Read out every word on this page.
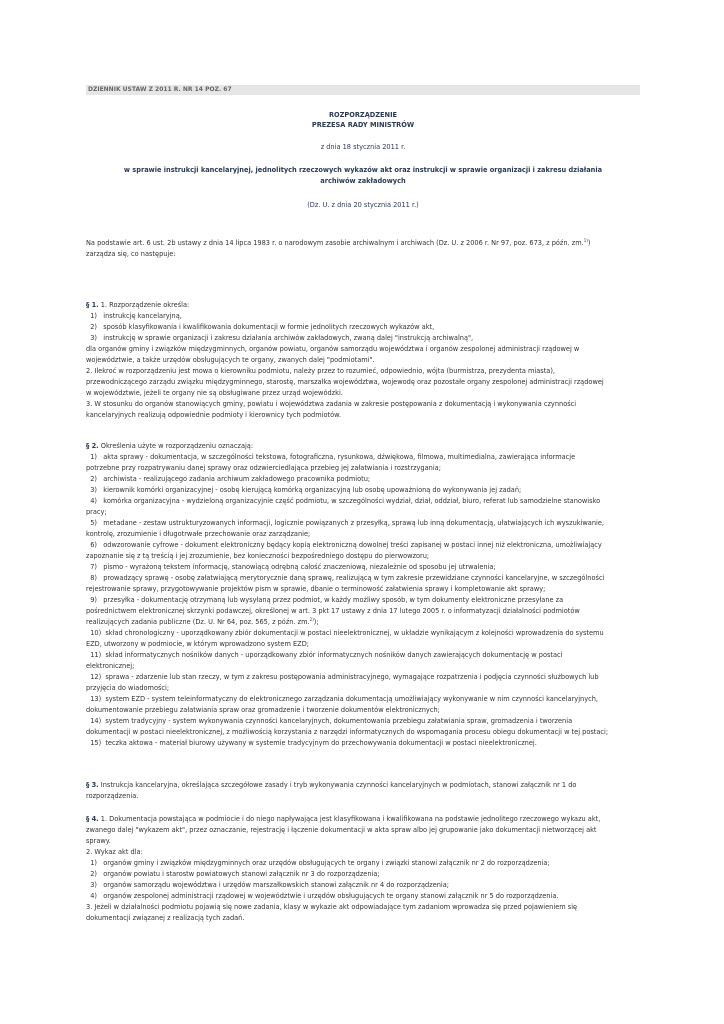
DZIENNIK USTAW Z 2011 R. NR 14 POZ. 67
ROZPORZĄDZENIE
PREZESA RADY MINISTRÓW
z dnia 18 stycznia 2011 r.
w sprawie instrukcji kancelaryjnej, jednolitych rzeczowych wykazów akt oraz instrukcji w sprawie organizacji i zakresu działania
archiwów zakładowych
(Dz. U. z dnia 20 stycznia 2011 r.)

Na podstawie art. 6 ust. 2b ustawy z dnia 14 lipca 1983 r. o narodowym zasobie archiwalnym i archiwach (Dz. U. z 2006 r. Nr 97, poz. 673, z późn. zm.$^{1)}$)

zarządza się, co następuje:

§ 1. 1. Rozporządzenie określa:

1)   instrukcję kancelaryjną,

2)   sposób klasyfikowania i kwalifikowania dokumentacji w formie jednolitych rzeczowych wykazów akt,

3)   instrukcję w sprawie organizacji i zakresu działania archiwów zakładowych, zwaną dalej "instrukcją archiwalną",

dla organów gminy i związków międzygminnych, organów powiatu, organów samorządu województwa i organów zespolonej administracji rządowej w

województwie, a także urzędów obsługujących te organy, zwanych dalej "podmiotami".

2. Ilekroć w rozporządzeniu jest mowa o kierowniku podmiotu, należy przez to rozumieć, odpowiednio, wójta (burmistrza, prezydenta miasta),

przewodniczącego zarządu związku międzygminnego, starostę, marszałka województwa, wojewodę oraz pozostałe organy zespolonej administracji rządowej

w województwie, jeżeli te organy nie są obsługiwane przez urząd wojewódzki.

3. W stosunku do organów stanowiących gminy, powiatu i województwa zadania w zakresie postępowania z dokumentacją i wykonywania czynności

kancelaryjnych realizują odpowiednie podmioty i kierownicy tych podmiotów.

§ 2. Określenia użyte w rozporządzeniu oznaczają:

1)   akta sprawy - dokumentacja, w szczególności tekstowa, fotograficzna, rysunkowa, dźwiękowa, filmowa, multimedialna, zawierająca informacje

potrzebne przy rozpatrywaniu danej sprawy oraz odzwierciedlająca przebieg jej załatwiania i rozstrzygania;

2)   archiwista - realizującego zadania archiwum zakładowego pracownika podmiotu;

3)   kierownik komórki organizacyjnej - osobę kierującą komórką organizacyjną lub osobę upoważnioną do wykonywania jej zadań;

4)   komórka organizacyjna - wydzieloną organizacyjnie część podmiotu, w szczególności wydział, dział, oddział, biuro, referat lub samodzielne stanowisko

pracy;

5)   metadane - zestaw ustrukturyzowanych informacji, logicznie powiązanych z przesyłką, sprawą lub inną dokumentacją, ułatwiających ich wyszukiwanie,

kontrolę, zrozumienie i długotrwałe przechowanie oraz zarządzanie;

6)   odwzorowanie cyfrowe - dokument elektroniczny będący kopią elektroniczną dowolnej treści zapisanej w postaci innej niż elektroniczna, umożliwiający

zapoznanie się z tą treścią i jej zrozumienie, bez konieczności bezpośredniego dostępu do pierwowzoru;

7)   pismo - wyrażoną tekstem informację, stanowiącą odrębną całość znaczeniową, niezależnie od sposobu jej utrwalenia;

8)   prowadzący sprawę - osobę załatwiającą merytorycznie daną sprawę, realizującą w tym zakresie przewidziane czynności kancelaryjne, w szczególności

rejestrowanie sprawy, przygotowywanie projektów pism w sprawie, dbanie o terminowość załatwienia sprawy i kompletowanie akt sprawy;

9)   przesyłka - dokumentację otrzymaną lub wysyłaną przez podmiot, w każdy możliwy sposób, w tym dokumenty elektroniczne przesyłane za

pośrednictwem elektronicznej skrzynki podawczej, określonej w art. 3 pkt 17 ustawy z dnia 17 lutego 2005 r. o informatyzacji działalności podmiotów

realizujących zadania publiczne (Dz. U. Nr 64, poz. 565, z późn. zm.$^{2)}$);

10)  skład chronologiczny - uporządkowany zbiór dokumentacji w postaci nieelektronicznej, w układzie wynikającym z kolejności wprowadzenia do systemu

EZD, utworzony w podmiocie, w którym wprowadzono system EZD;

11)  skład informatycznych nośników danych - uporządkowany zbiór informatycznych nośników danych zawierających dokumentację w postaci

elektronicznej;

12)  sprawa - zdarzenie lub stan rzeczy, w tym z zakresu postępowania administracyjnego, wymagające rozpatrzenia i podjęcia czynności służbowych lub

przyjęcia do wiadomości;

13)  system EZD - system teleinformatyczny do elektronicznego zarządzania dokumentacją umożliwiający wykonywanie w nim czynności kancelaryjnych,

dokumentowanie przebiegu załatwiania spraw oraz gromadzenie i tworzenie dokumentów elektronicznych;

14)  system tradycyjny - system wykonywania czynności kancelaryjnych, dokumentowania przebiegu załatwiania spraw, gromadzenia i tworzenia

dokumentacji w postaci nieelektronicznej, z możliwością korzystania z narzędzi informatycznych do wspomagania procesu obiegu dokumentacji w tej postaci;

15)  teczka aktowa - materiał biurowy używany w systemie tradycyjnym do przechowywania dokumentacji w postaci nieelektronicznej.

§ 3. Instrukcja kancelaryjna, określająca szczegółowe zasady i tryb wykonywania czynności kancelaryjnych w podmiotach, stanowi załącznik nr 1 do

rozporządzenia.

§ 4. 1. Dokumentacja powstająca w podmiocie i do niego napływająca jest klasyfikowana i kwalifikowana na podstawie jednolitego rzeczowego wykazu akt,

zwanego dalej "wykazem akt", przez oznaczanie, rejestrację i łączenie dokumentacji w akta spraw albo jej grupowanie jako dokumentacji nietworzącej akt

sprawy.

2. Wykaz akt dla:

1)   organów gminy i związków międzygminnych oraz urzędów obsługujących te organy i związki stanowi załącznik nr 2 do rozporządzenia;

2)   organów powiatu i starostw powiatowych stanowi załącznik nr 3 do rozporządzenia;

3)   organów samorządu województwa i urzędów marszałkowskich stanowi załącznik nr 4 do rozporządzenia;

4)   organów zespolonej administracji rządowej w województwie i urzędów obsługujących te organy stanowi załącznik nr 5 do rozporządzenia.

3. Jeżeli w działalności podmiotu pojawią się nowe zadania, klasy w wykazie akt odpowiadające tym zadaniom wprowadza się przed pojawieniem się

dokumentacji związanej z realizacją tych zadań.
